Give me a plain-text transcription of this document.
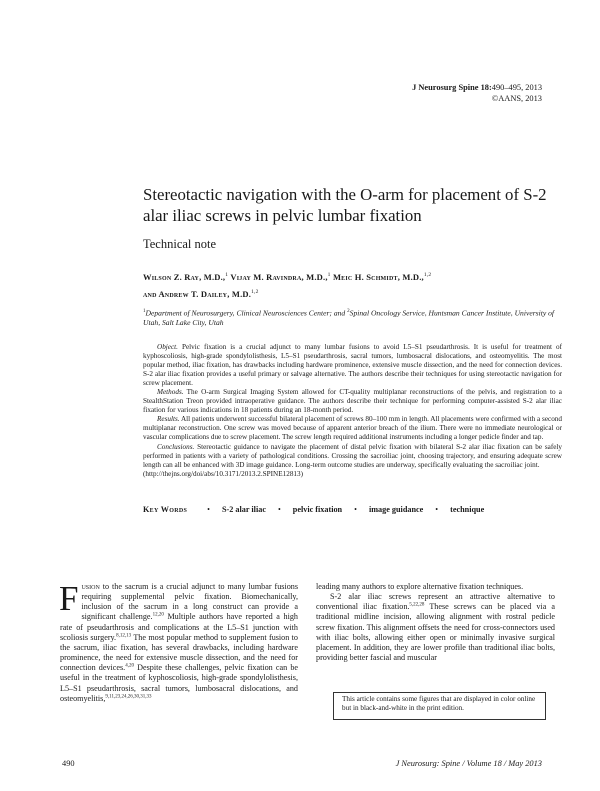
J Neurosurg Spine 18:490–495, 2013
©AANS, 2013
Stereotactic navigation with the O-arm for placement of S-2 alar iliac screws in pelvic lumbar fixation
Technical note
Wilson Z. Ray, M.D.,$^1$ Vijay M. Ravindra, M.D.,$^1$ Meic H. Schmidt, M.D.,$^{1,2}$
and Andrew T. Dailey, M.D.$^{1,2}$
$^1$Department of Neurosurgery, Clinical Neurosciences Center; and $^2$Spinal Oncology Service, Huntsman Cancer Institute, University of Utah, Salt Lake City, Utah

Object. Pelvic fixation is a crucial adjunct to many lumbar fusions to avoid L5–S1 pseudarthrosis. It is useful for treatment of kyphoscoliosis, high-grade spondylolisthesis, L5–S1 pseudarthrosis, sacral tumors, lumbosacral dislocations, and osteomyelitis. The most popular method, iliac fixation, has drawbacks including hardware prominence, extensive muscle dissection, and the need for connection devices. S-2 alar iliac fixation provides a useful primary or salvage alternative. The authors describe their techniques for using stereotactic navigation for screw placement.

Methods. The O-arm Surgical Imaging System allowed for CT-quality multiplanar reconstructions of the pelvis, and registration to a StealthStation Treon provided intraoperative guidance. The authors describe their technique for performing computer-assisted S-2 alar iliac fixation for various indications in 18 patients during an 18-month period.

Results. All patients underwent successful bilateral placement of screws 80–100 mm in length. All placements were confirmed with a second multiplanar reconstruction. One screw was moved because of apparent anterior breach of the ilium. There were no immediate neurological or vascular complications due to screw placement. The screw length required additional instruments including a longer pedicle finder and tap.

Conclusions. Stereotactic guidance to navigate the placement of distal pelvic fixation with bilateral S-2 alar iliac fixation can be safely performed in patients with a variety of pathological conditions. Crossing the sacroiliac joint, choosing trajectory, and ensuring adequate screw length can all be enhanced with 3D image guidance. Long-term outcome studies are underway, specifically evaluating the sacroiliac joint.

(http://thejns.org/doi/abs/10.3171/2013.2.SPINE12813)

Key Words	• S-2 alar iliac • pelvic fixation • image guidance • technique

Fusion to the sacrum is a crucial adjunct to many lumbar fusions requiring supplemental pelvic fixation. Biomechanically, inclusion of the sacrum in a long construct can provide a significant challenge.$^{12,20}$ Multiple authors have reported a high rate of pseudarthrosis and complications at the L5–S1 junction with scoliosis surgery.$^{8,12,13}$ The most popular method to supplement fusion to the sacrum, iliac fixation, has several drawbacks, including hardware prominence, the need for extensive muscle dissection, and the need for connection devices.$^{4,20}$ Despite these challenges, pelvic fixation can be useful in the treatment of kyphoscoliosis, high-grade spondylolisthesis, L5–S1 pseudarthrosis, sacral tumors, lumbosacral dislocations, and osteomyelitis,$^{9,11,23,24,26,30,31,33}$

leading many authors to explore alternative fixation techniques.

S-2 alar iliac screws represent an attractive alternative to conventional iliac fixation.$^{5,22,28}$ These screws can be placed via a traditional midline incision, allowing alignment with rostral pedicle screw fixation. This alignment offsets the need for cross-connectors used with iliac bolts, allowing either open or minimally invasive surgical placement. In addition, they are lower profile than traditional iliac bolts, providing better fascial and muscular

This article contains some figures that are displayed in color online but in black-and-white in the print edition.
490	J Neurosurg: Spine / Volume 18 / May 2013
